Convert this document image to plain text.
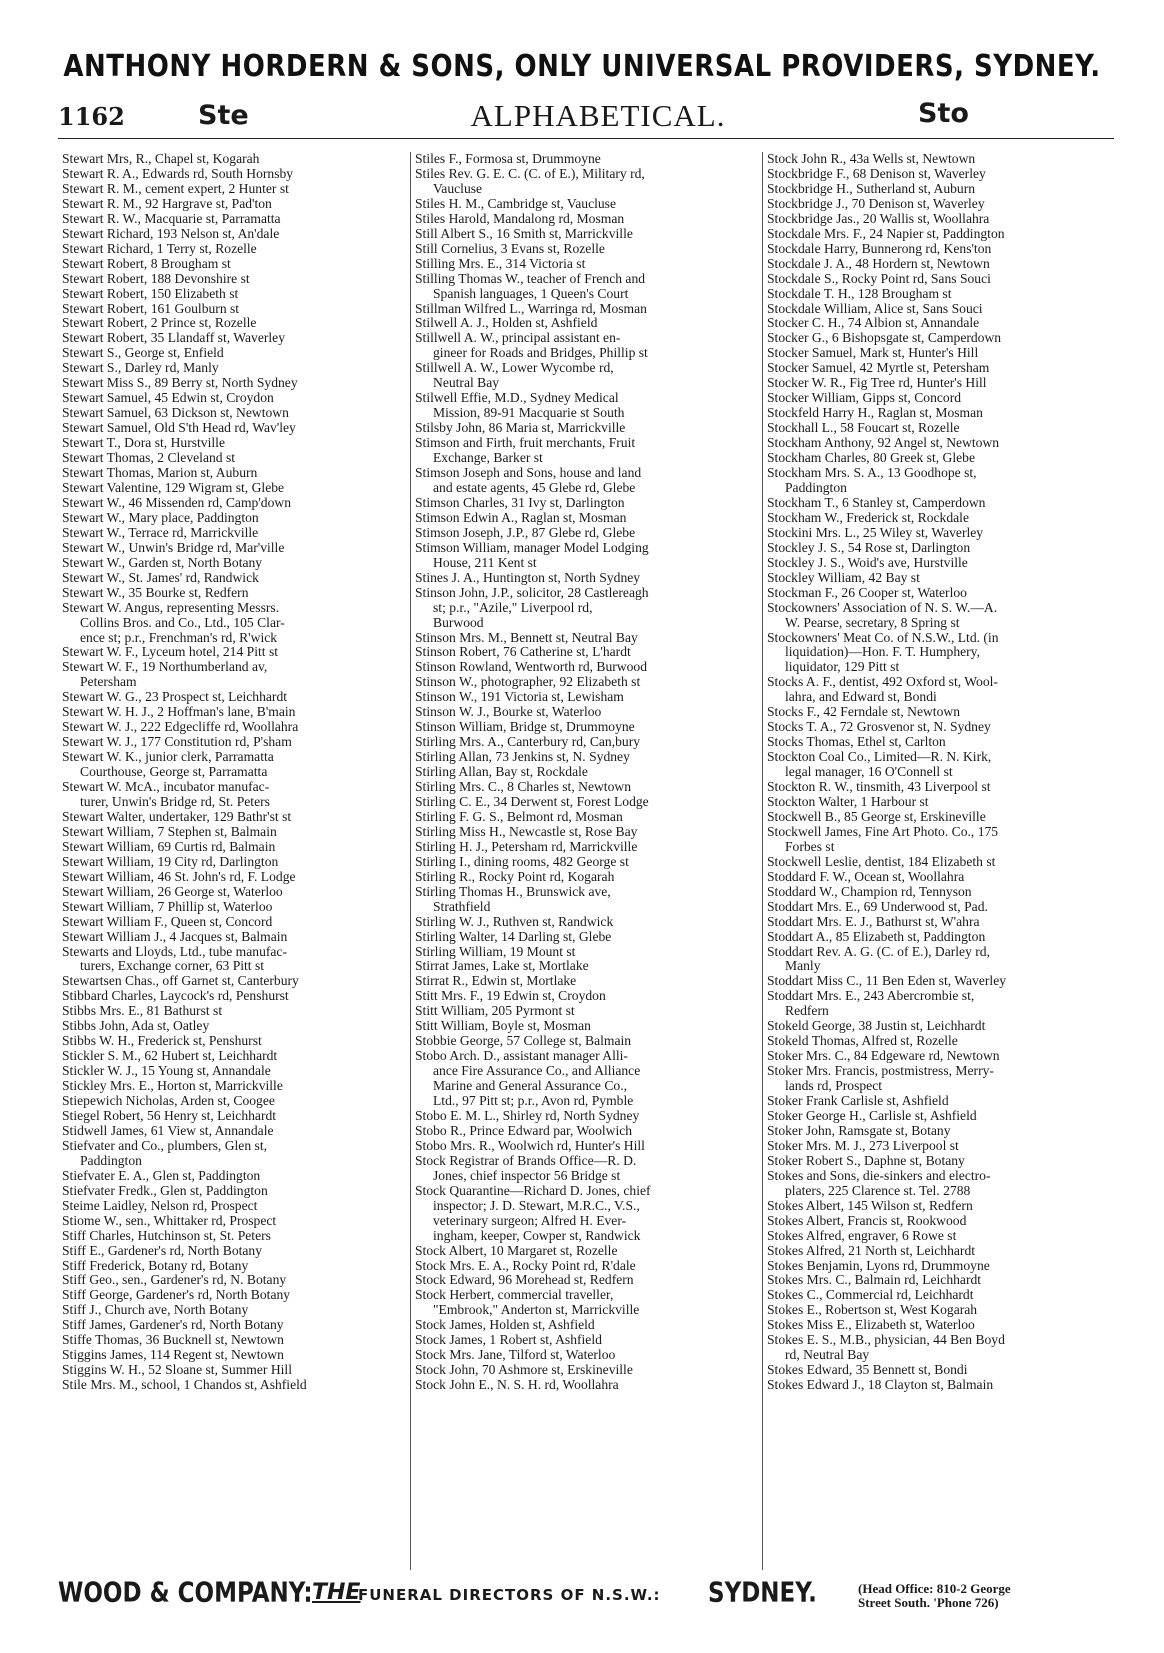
ANTHONY HORDERN & SONS, ONLY UNIVERSAL PROVIDERS, SYDNEY.
1162	Ste	ALPHABETICAL.	Sto
Stewart Mrs, R., Chapel st, Kogarah
Stewart R. A., Edwards rd, South Hornsby
Stewart R. M., cement expert, 2 Hunter st
Stewart R. M., 92 Hargrave st, Pad'ton
Stewart R. W., Macquarie st, Parramatta
Stewart Richard, 193 Nelson st, An'dale
Stewart Richard, 1 Terry st, Rozelle
Stewart Robert, 8 Brougham st
Stewart Robert, 188 Devonshire st
Stewart Robert, 150 Elizabeth st
Stewart Robert, 161 Goulburn st
Stewart Robert, 2 Prince st, Rozelle
Stewart Robert, 35 Llandaff st, Waverley
Stewart S., George st, Enfield
Stewart S., Darley rd, Manly
Stewart Miss S., 89 Berry st, North Sydney
Stewart Samuel, 45 Edwin st, Croydon
Stewart Samuel, 63 Dickson st, Newtown
Stewart Samuel, Old S'th Head rd, Wav'ley
Stewart T., Dora st, Hurstville
Stewart Thomas, 2 Cleveland st
Stewart Thomas, Marion st, Auburn
Stewart Valentine, 129 Wigram st, Glebe
Stewart W., 46 Missenden rd, Camp'down
Stewart W., Mary place, Paddington
Stewart W., Terrace rd, Marrickville
Stewart W., Unwin's Bridge rd, Mar'ville
Stewart W., Garden st, North Botany
Stewart W., St. James' rd, Randwick
Stewart W., 35 Bourke st, Redfern
Stewart W. Angus, representing Messrs.
Collins Bros. and Co., Ltd., 105 Clar-
ence st; p.r., Frenchman's rd, R'wick
Stewart W. F., Lyceum hotel, 214 Pitt st
Stewart W. F., 19 Northumberland av,
Petersham
Stewart W. G., 23 Prospect st, Leichhardt
Stewart W. H. J., 2 Hoffman's lane, B'main
Stewart W. J., 222 Edgecliffe rd, Woollahra
Stewart W. J., 177 Constitution rd, P'sham
Stewart W. K., junior clerk, Parramatta
Courthouse, George st, Parramatta
Stewart W. McA., incubator manufac-
turer, Unwin's Bridge rd, St. Peters
Stewart Walter, undertaker, 129 Bathr'st st
Stewart William, 7 Stephen st, Balmain
Stewart William, 69 Curtis rd, Balmain
Stewart William, 19 City rd, Darlington
Stewart William, 46 St. John's rd, F. Lodge
Stewart William, 26 George st, Waterloo
Stewart William, 7 Phillip st, Waterloo
Stewart William F., Queen st, Concord
Stewart William J., 4 Jacques st, Balmain
Stewarts and Lloyds, Ltd., tube manufac-
turers, Exchange corner, 63 Pitt st
Stewartsen Chas., off Garnet st, Canterbury
Stibbard Charles, Laycock's rd, Penshurst
Stibbs Mrs. E., 81 Bathurst st
Stibbs John, Ada st, Oatley
Stibbs W. H., Frederick st, Penshurst
Stickler S. M., 62 Hubert st, Leichhardt
Stickler W. J., 15 Young st, Annandale
Stickley Mrs. E., Horton st, Marrickville
Stiepewich Nicholas, Arden st, Coogee
Stiegel Robert, 56 Henry st, Leichhardt
Stidwell James, 61 View st, Annandale
Stiefvater and Co., plumbers, Glen st,
Paddington
Stiefvater E. A., Glen st, Paddington
Stiefvater Fredk., Glen st, Paddington
Steime Laidley, Nelson rd, Prospect
Stiome W., sen., Whittaker rd, Prospect
Stiff Charles, Hutchinson st, St. Peters
Stiff E., Gardener's rd, North Botany
Stiff Frederick, Botany rd, Botany
Stiff Geo., sen., Gardener's rd, N. Botany
Stiff George, Gardener's rd, North Botany
Stiff J., Church ave, North Botany
Stiff James, Gardener's rd, North Botany
Stiffe Thomas, 36 Bucknell st, Newtown
Stiggins James, 114 Regent st, Newtown
Stiggins W. H., 52 Sloane st, Summer Hill
Stile Mrs. M., school, 1 Chandos st, Ashfield
Stiles F., Formosa st, Drummoyne
Stiles Rev. G. E. C. (C. of E.), Military rd,
Vaucluse
Stiles H. M., Cambridge st, Vaucluse
Stiles Harold, Mandalong rd, Mosman
Still Albert S., 16 Smith st, Marrickville
Still Cornelius, 3 Evans st, Rozelle
Stilling Mrs. E., 314 Victoria st
Stilling Thomas W., teacher of French and
Spanish languages, 1 Queen's Court
Stillman Wilfred L., Warringa rd, Mosman
Stilwell A. J., Holden st, Ashfield
Stillwell A. W., principal assistant en-
gineer for Roads and Bridges, Phillip st
Stillwell A. W., Lower Wycombe rd,
Neutral Bay
Stilwell Effie, M.D., Sydney Medical
Mission, 89-91 Macquarie st South
Stilsby John, 86 Maria st, Marrickville
Stimson and Firth, fruit merchants, Fruit
Exchange, Barker st
Stimson Joseph and Sons, house and land
and estate agents, 45 Glebe rd, Glebe
Stimson Charles, 31 Ivy st, Darlington
Stimson Edwin A., Raglan st, Mosman
Stimson Joseph, J.P., 87 Glebe rd, Glebe
Stimson William, manager Model Lodging
House, 211 Kent st
Stines J. A., Huntington st, North Sydney
Stinson John, J.P., solicitor, 28 Castlereagh
st; p.r., "Azile," Liverpool rd,
Burwood
Stinson Mrs. M., Bennett st, Neutral Bay
Stinson Robert, 76 Catherine st, L'hardt
Stinson Rowland, Wentworth rd, Burwood
Stinson W., photographer, 92 Elizabeth st
Stinson W., 191 Victoria st, Lewisham
Stinson W. J., Bourke st, Waterloo
Stinson William, Bridge st, Drummoyne
Stirling Mrs. A., Canterbury rd, Can,bury
Stirling Allan, 73 Jenkins st, N. Sydney
Stirling Allan, Bay st, Rockdale
Stirling Mrs. C., 8 Charles st, Newtown
Stirling C. E., 34 Derwent st, Forest Lodge
Stirling F. G. S., Belmont rd, Mosman
Stirling Miss H., Newcastle st, Rose Bay
Stirling H. J., Petersham rd, Marrickville
Stirling I., dining rooms, 482 George st
Stirling R., Rocky Point rd, Kogarah
Stirling Thomas H., Brunswick ave,
Strathfield
Stirling W. J., Ruthven st, Randwick
Stirling Walter, 14 Darling st, Glebe
Stirling William, 19 Mount st
Stirrat James, Lake st, Mortlake
Stirrat R., Edwin st, Mortlake
Stitt Mrs. F., 19 Edwin st, Croydon
Stitt William, 205 Pyrmont st
Stitt William, Boyle st, Mosman
Stobbie George, 57 College st, Balmain
Stobo Arch. D., assistant manager Alli-
ance Fire Assurance Co., and Alliance
Marine and General Assurance Co.,
Ltd., 97 Pitt st; p.r., Avon rd, Pymble
Stobo E. M. L., Shirley rd, North Sydney
Stobo R., Prince Edward par, Woolwich
Stobo Mrs. R., Woolwich rd, Hunter's Hill
Stock Registrar of Brands Office—R. D.
Jones, chief inspector 56 Bridge st
Stock Quarantine—Richard D. Jones, chief
inspector; J. D. Stewart, M.R.C., V.S.,
veterinary surgeon; Alfred H. Ever-
ingham, keeper, Cowper st, Randwick
Stock Albert, 10 Margaret st, Rozelle
Stock Mrs. E. A., Rocky Point rd, R'dale
Stock Edward, 96 Morehead st, Redfern
Stock Herbert, commercial traveller,
"Embrook," Anderton st, Marrickville
Stock James, Holden st, Ashfield
Stock James, 1 Robert st, Ashfield
Stock Mrs. Jane, Tilford st, Waterloo
Stock John, 70 Ashmore st, Erskineville
Stock John E., N. S. H. rd, Woollahra
Stock John R., 43a Wells st, Newtown
Stockbridge F., 68 Denison st, Waverley
Stockbridge H., Sutherland st, Auburn
Stockbridge J., 70 Denison st, Waverley
Stockbridge Jas., 20 Wallis st, Woollahra
Stockdale Mrs. F., 24 Napier st, Paddington
Stockdale Harry, Bunnerong rd, Kens'ton
Stockdale J. A., 48 Hordern st, Newtown
Stockdale S., Rocky Point rd, Sans Souci
Stockdale T. H., 128 Brougham st
Stockdale William, Alice st, Sans Souci
Stocker C. H., 74 Albion st, Annandale
Stocker G., 6 Bishopsgate st, Camperdown
Stocker Samuel, Mark st, Hunter's Hill
Stocker Samuel, 42 Myrtle st, Petersham
Stocker W. R., Fig Tree rd, Hunter's Hill
Stocker William, Gipps st, Concord
Stockfeld Harry H., Raglan st, Mosman
Stockhall L., 58 Foucart st, Rozelle
Stockham Anthony, 92 Angel st, Newtown
Stockham Charles, 80 Greek st, Glebe
Stockham Mrs. S. A., 13 Goodhope st,
Paddington
Stockham T., 6 Stanley st, Camperdown
Stockham W., Frederick st, Rockdale
Stockini Mrs. L., 25 Wiley st, Waverley
Stockley J. S., 54 Rose st, Darlington
Stockley J. S., Woid's ave, Hurstville
Stockley William, 42 Bay st
Stockman F., 26 Cooper st, Waterloo
Stockowners' Association of N. S. W.—A.
W. Pearse, secretary, 8 Spring st
Stockowners' Meat Co. of N.S.W., Ltd. (in
liquidation)—Hon. F. T. Humphery,
liquidator, 129 Pitt st
Stocks A. F., dentist, 492 Oxford st, Wool-
lahra, and Edward st, Bondi
Stocks F., 42 Ferndale st, Newtown
Stocks T. A., 72 Grosvenor st, N. Sydney
Stocks Thomas, Ethel st, Carlton
Stockton Coal Co., Limited—R. N. Kirk,
legal manager, 16 O'Connell st
Stockton R. W., tinsmith, 43 Liverpool st
Stockton Walter, 1 Harbour st
Stockwell B., 85 George st, Erskineville
Stockwell James, Fine Art Photo. Co., 175
Forbes st
Stockwell Leslie, dentist, 184 Elizabeth st
Stoddard F. W., Ocean st, Woollahra
Stoddard W., Champion rd, Tennyson
Stoddart Mrs. E., 69 Underwood st, Pad.
Stoddart Mrs. E. J., Bathurst st, W'ahra
Stoddart A., 85 Elizabeth st, Paddington
Stoddart Rev. A. G. (C. of E.), Darley rd,
Manly
Stoddart Miss C., 11 Ben Eden st, Waverley
Stoddart Mrs. E., 243 Abercrombie st,
Redfern
Stokeld George, 38 Justin st, Leichhardt
Stokeld Thomas, Alfred st, Rozelle
Stoker Mrs. C., 84 Edgeware rd, Newtown
Stoker Mrs. Francis, postmistress, Merry-
lands rd, Prospect
Stoker Frank Carlisle st, Ashfield
Stoker George H., Carlisle st, Ashfield
Stoker John, Ramsgate st, Botany
Stoker Mrs. M. J., 273 Liverpool st
Stoker Robert S., Daphne st, Botany
Stokes and Sons, die-sinkers and electro-
platers, 225 Clarence st. Tel. 2788
Stokes Albert, 145 Wilson st, Redfern
Stokes Albert, Francis st, Rookwood
Stokes Alfred, engraver, 6 Rowe st
Stokes Alfred, 21 North st, Leichhardt
Stokes Benjamin, Lyons rd, Drummoyne
Stokes Mrs. C., Balmain rd, Leichhardt
Stokes C., Commercial rd, Leichhardt
Stokes E., Robertson st, West Kogarah
Stokes Miss E., Elizabeth st, Waterloo
Stokes E. S., M.B., physician, 44 Ben Boyd
rd, Neutral Bay
Stokes Edward, 35 Bennett st, Bondi
Stokes Edward J., 18 Clayton st, Balmain
WOOD & COMPANY: THE
FUNERAL DIRECTORS OF N.S.W.: SYDNEY.	(Head Office: 810-2 George
Street South. 'Phone 726)
